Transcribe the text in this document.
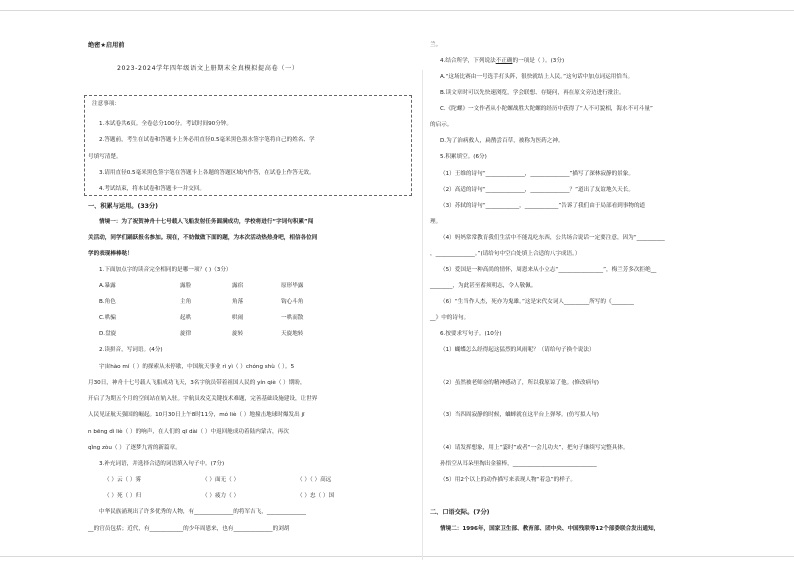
绝密★启用前
2023-2024学年四年级语文上册期末全真模拟提高卷（一）
注意事项：
1.本试卷共6页。全卷总分100分。考试时间90分钟。
2.答题前，考生在试卷和答题卡上务必用直径0.5毫米黑色墨水签字笔将自己的姓名、学
号填写清楚。
3.请用直径0.5毫米黑色签字笔在答题卡上各题的答题区域内作答，在试卷上作答无效。
4.考试结束，将本试卷和答题卡一并交回。
一、积累与运用。(33分)
情境一：为了祝贺神舟十七号载人飞船发射任务圆满成功，学校将进行“字词句积累”闯
关活动，同学们踊跃报名参加。现在，不妨做做下面的题，为本次活动热热身吧，相信各位同
学的表现棒棒哒！
1.下面加点字的读音完全相同的是哪一项？( )（3分）
A.暴露	露脸	露宿	原形毕露
B.角色	主角	角落	钩心斗角
C.哄骗	起哄	哄闹	一哄而散
D.盘旋	旋律	旋转	天旋地转
2.读拼音，写词语。(4分)
宇宙hào mí（ ）的探索从未停歇，中国航天事业 rì yì（ ）chóng shù（ ）。5
月30日，神舟十七号载人飞船成功飞天，3名宇航员带着祖国人民的 yín qiè（ ）期盼，
开启了为期五个月的空间站在轨入驻。宇航员攻克关键技术难题，完善基础设施建设，让世界
人民见证航天强国的崛起。10月30日上午8时11分，mó liè（ ）地撞击地球时爆发出 jī
n bēng dì liè（ ）的响声，在人们的 qī dài（ ）中返回舱成功着陆内蒙古，再次
qǐng zòu（ ）了逐梦九霄的新篇章。
3.补充词语，并选择合适的词语填入句子中。(7分)
（ ）云（ ）雾	（ ）面无（ ）	（ ）（ ）高远
（ ）死（ ）归	（ ）疲力（ ）	（ ）忠（ ）国
中华民族涌现出了许多优秀的人物，有______________的将军吉飞，______________
__的官员包括；近代，有____________的少年周恩来，也有______________的刘胡
兰。
4.结合所学，下列说法不正确的一项是（ ）。(3分)
A.“这场比赛由一号选手打头阵，很快就结上人民。”这句话中加点词运用恰当。
B.读文章时可以先快速浏览，学会联想、存疑问，再在原文旁边进行批注。
C.《陀螺》一文作者从小陀螺战胜大陀螺的经历中获得了“人不可貌相，海水不可斗量”
的启示。
D.为了治病救人，扁鹊尝百草，被称为医药之神。
5.积累填空。(6分)
（1）王维的诗句“______________，______________”描写了深林寂静的景象。
（2）高适的诗句“______________，______________？”道出了友谊地久天长。
（3）苏轼的诗句“____________，____________”告诉了我们由于局部看到事物的道
理。
（4）妈妈常常教育我们生活中不能乱吃东西，公共场合说话一定要注意，因为“__________
，______________。”(请给句中空白处填上合适的八字成语。）
（5）爱国是一种高尚的情怀，周恩来从小立志“________________”，梅兰芳多次拒绝__
________，为此甚至蓄须明志，令人敬佩。
（6）“生当作人杰，死亦为鬼雄。”这是宋代女词人_________所写的《________
__》中的诗句。
6.按要求写句子。(10分)
（1）蝴蝶怎么经得起这猛烈的风雨呢？（请给句子换个说法）
（2）虽然被老师奋的精神感动了，所以我原谅了他。(修改病句)
（3）当四周寂静的时候，蛐蟀就在这平台上弹琴。(仿写拟人句)
（4）请发挥想象，用上“霎时”或者“一会儿功夫”，把句子继续写完整具体。
孙悟空从耳朵里掏出金箍棒，______________________________
（5）用2个以上的动作描写来表现人物“着急”的样子。
二、口语交际。(7分)
情境二：1996年，国家卫生部、教育部、团中央、中国残联等12个部委联合发出通知，
